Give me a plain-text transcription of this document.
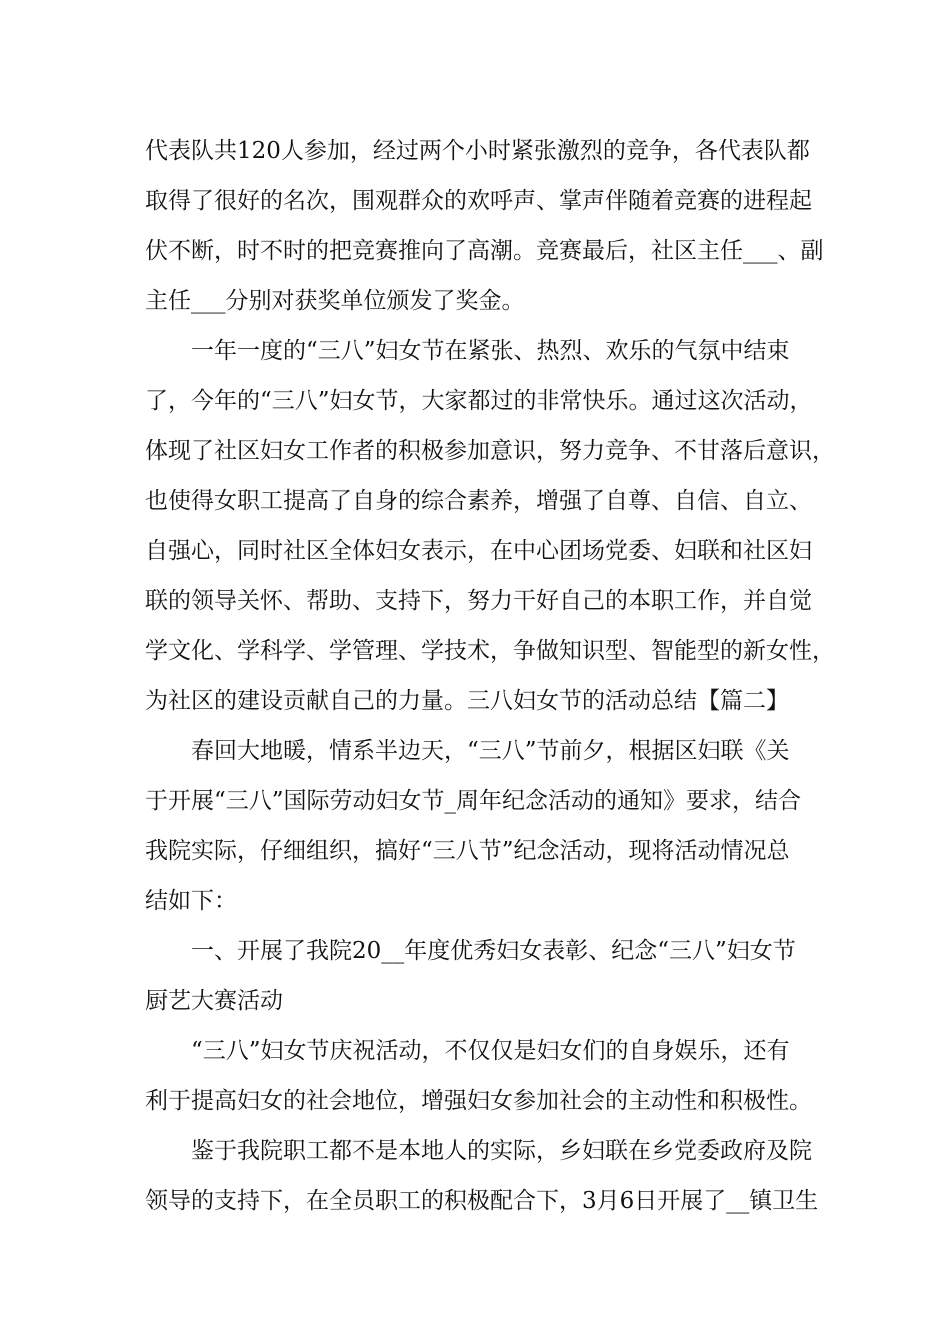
代表队共120人参加，经过两个小时紧张激烈的竞争，各代表队都
取得了很好的名次，围观群众的欢呼声、掌声伴随着竞赛的进程起
伏不断，时不时的把竞赛推向了高潮。竞赛最后，社区主任___、副
主任___分别对获奖单位颁发了奖金。
一年一度的“三八”妇女节在紧张、热烈、欢乐的气氛中结束
了，今年的“三八”妇女节，大家都过的非常快乐。通过这次活动，
体现了社区妇女工作者的积极参加意识，努力竞争、不甘落后意识，
也使得女职工提高了自身的综合素养，增强了自尊、自信、自立、
自强心，同时社区全体妇女表示，在中心团场党委、妇联和社区妇
联的领导关怀、帮助、支持下，努力干好自己的本职工作，并自觉
学文化、学科学、学管理、学技术，争做知识型、智能型的新女性，
为社区的建设贡献自己的力量。三八妇女节的活动总结【篇二】
春回大地暖，情系半边天，“三八”节前夕，根据区妇联《关
于开展“三八”国际劳动妇女节_周年纪念活动的通知》要求，结合
我院实际，仔细组织，搞好“三八节”纪念活动，现将活动情况总
结如下：
一、开展了我院20__年度优秀妇女表彰、纪念“三八”妇女节
厨艺大赛活动
“三八”妇女节庆祝活动，不仅仅是妇女们的自身娱乐，还有
利于提高妇女的社会地位，增强妇女参加社会的主动性和积极性。
鉴于我院职工都不是本地人的实际，乡妇联在乡党委政府及院
领导的支持下，在全员职工的积极配合下，3月6日开展了__镇卫生
